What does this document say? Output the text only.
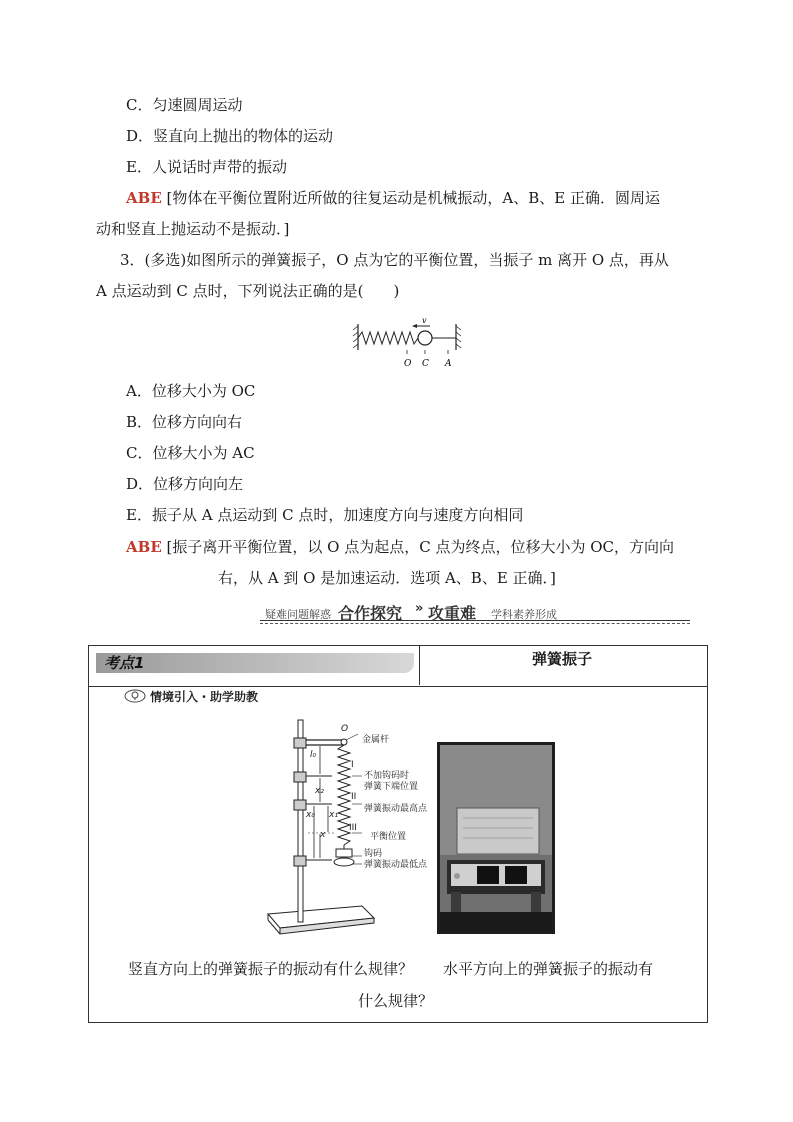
C．匀速圆周运动
D．竖直向上抛出的物体的运动
E．人说话时声带的振动
ABE [物体在平衡位置附近所做的往复运动是机械振动，A、B、E 正确．圆周运
动和竖直上抛运动不是振动．]
3．(多选)如图所示的弹簧振子，O 点为它的平衡位置，当振子 m 离开 O 点，再从
A 点运动到 C 点时，下列说法正确的是(　　)
v
O C A
A．位移大小为 OC
B．位移方向向右
C．位移大小为 AC
D．位移方向向左
E．振子从 A 点运动到 C 点时，加速度方向与速度方向相同
ABE [振子离开平衡位置，以 O 点为起点，C 点为终点，位移大小为 OC，方向向
右，从 A 到 O 是加速运动．选项 A、B、E 正确．]
疑难问题解惑 合作探究 » 攻重难 学科素养形成
考点1	弹簧振子
情境引入・助学助教
O
金属杆
l₀
I
不加钩码时
弹簧下端位置
x₂
II
弹簧振动最高点
x₀ x₁
x
III
平衡位置
钩码
弹簧振动最低点
竖直方向上的弹簧振子的振动有什么规律？　　水平方向上的弹簧振子的振动有
什么规律？
